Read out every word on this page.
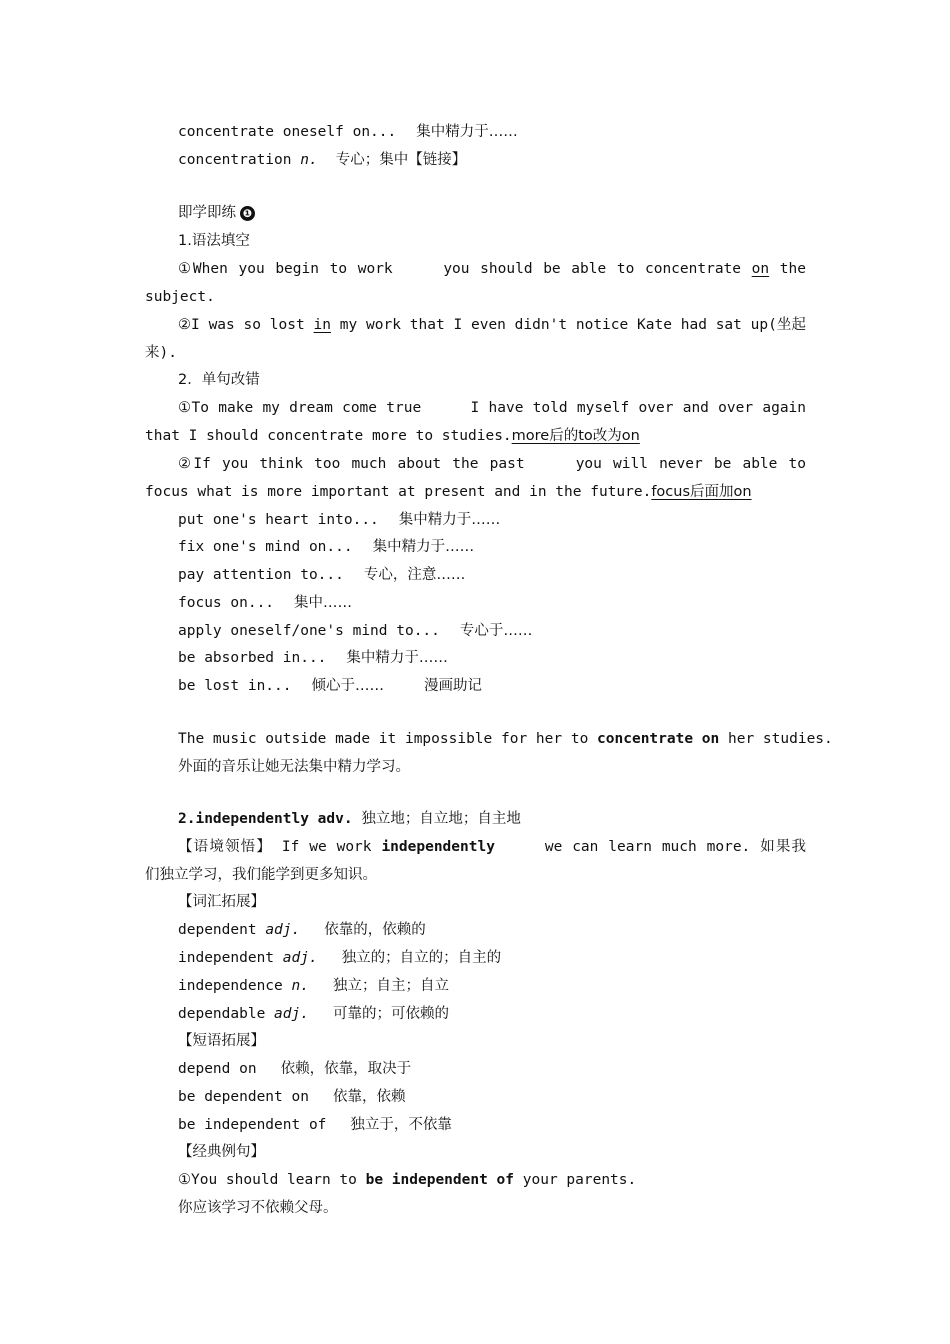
concentrate oneself on... 集中精力于……
concentration n. 专心；集中【链接】
即学即练 ❶
1.语法填空
①When you begin to work	you should be able to concentrate on the
subject.
②I was so lost in my work that I even didn't notice Kate had sat up(坐起
来).
2．单句改错
①To make my dream come true	I have told myself over and over again
that I should concentrate more to studies.more后的to改为on
②If you think too much about the past	you will never be able to
focus what is more important at present and in the future.focus后面加on
put one's heart into... 集中精力于……
fix one's mind on... 集中精力于……
pay attention to... 专心，注意……
focus on... 集中……
apply oneself/one's mind to... 专心于……
be absorbed in... 集中精力于……
be lost in... 倾心于……	漫画助记
The music outside made it impossible for her to concentrate on her studies.
外面的音乐让她无法集中精力学习。
2.independently adv. 独立地；自立地；自主地
【语境领悟】 If we work independently	we can learn much more. 如果我
们独立学习，我们能学到更多知识。
【词汇拓展】
dependent adj. 依靠的，依赖的
independent adj. 独立的；自立的；自主的
independence n. 独立；自主；自立
dependable adj. 可靠的；可依赖的
【短语拓展】
depend on 依赖，依靠，取决于
be dependent on 依靠，依赖
be independent of 独立于，不依靠
【经典例句】
①You should learn to be independent of your parents.
你应该学习不依赖父母。
